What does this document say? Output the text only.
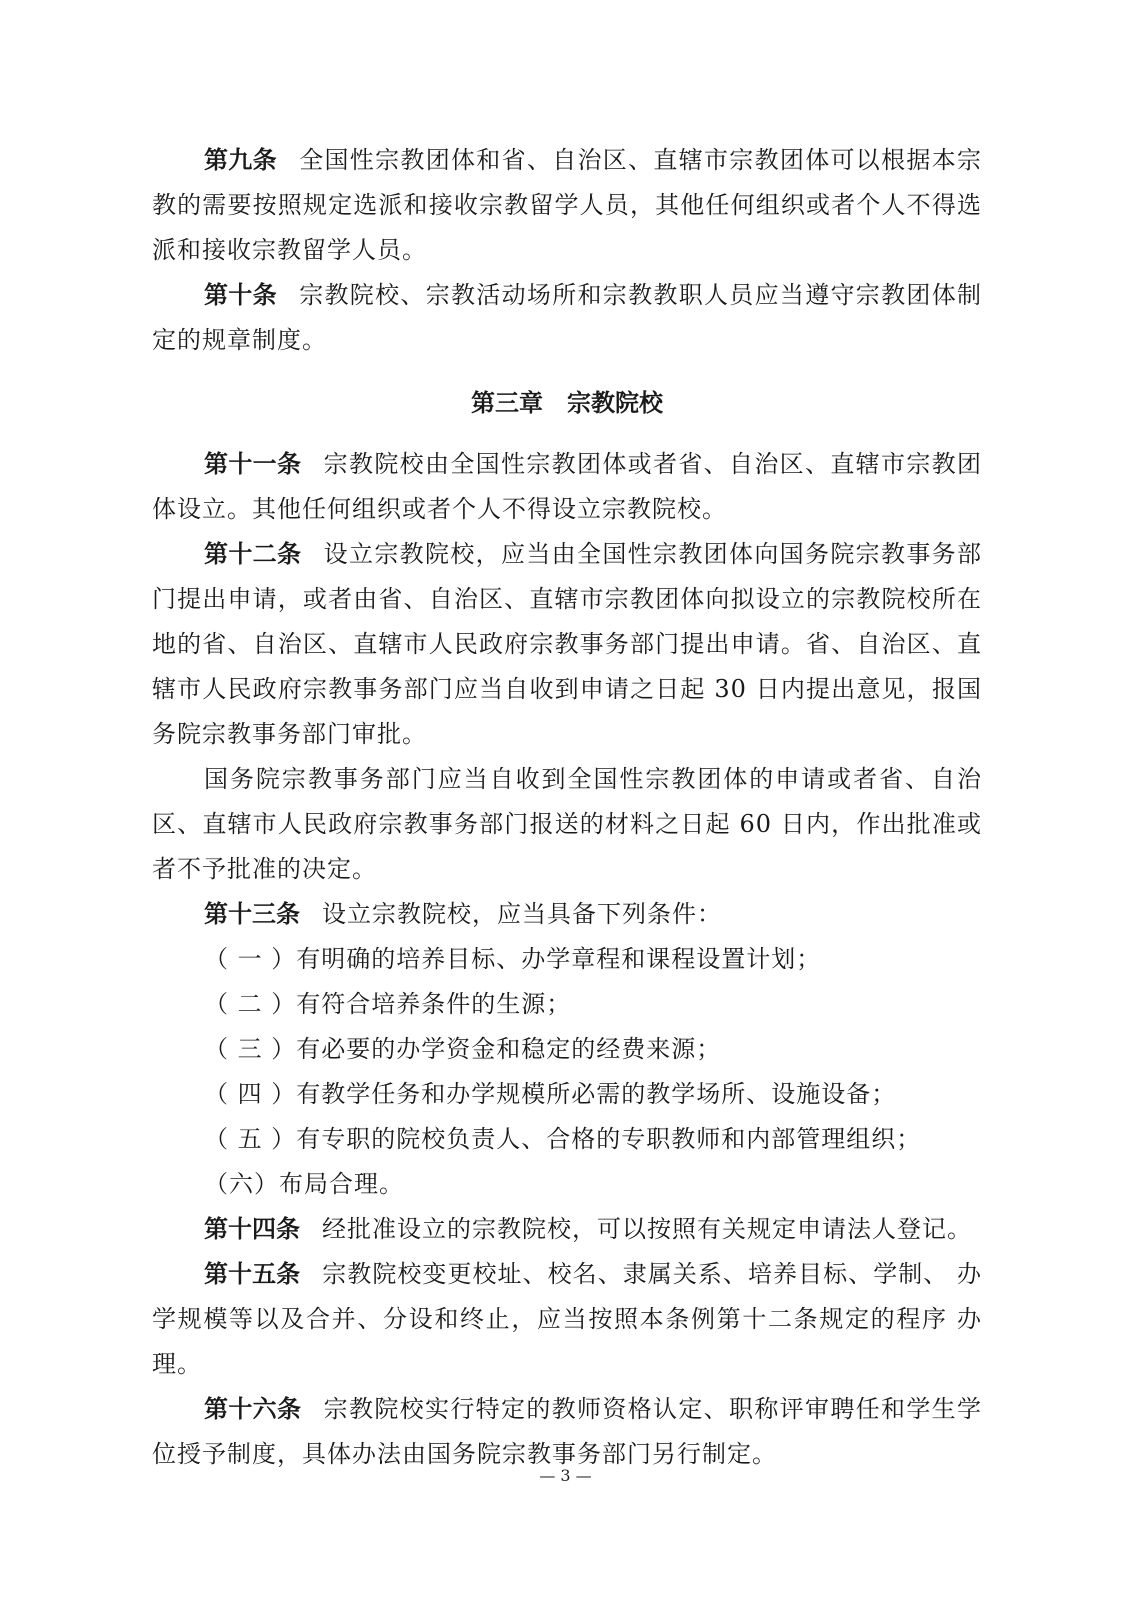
第九条 全国性宗教团体和省、自治区、直辖市宗教团体可以根据本宗教的需要按照规定选派和接收宗教留学人员，其他任何组织或者个人不得选派和接收宗教留学人员。

第十条 宗教院校、宗教活动场所和宗教教职人员应当遵守宗教团体制定的规章制度。

第三章　宗教院校

第十一条 宗教院校由全国性宗教团体或者省、自治区、直辖市宗教团体设立。其他任何组织或者个人不得设立宗教院校。

第十二条 设立宗教院校，应当由全国性宗教团体向国务院宗教事务部门提出申请，或者由省、自治区、直辖市宗教团体向拟设立的宗教院校所在地的省、自治区、直辖市人民政府宗教事务部门提出申请。省、自治区、直辖市人民政府宗教事务部门应当自收到申请之日起 30 日内提出意见，报国务院宗教事务部门审批。

国务院宗教事务部门应当自收到全国性宗教团体的申请或者省、自治区、直辖市人民政府宗教事务部门报送的材料之日起 60 日内，作出批准或者不予批准的决定。

第十三条 设立宗教院校，应当具备下列条件：

（ 一 ）有明确的培养目标、办学章程和课程设置计划；

（ 二 ）有符合培养条件的生源；

（ 三 ）有必要的办学资金和稳定的经费来源；

（ 四 ）有教学任务和办学规模所必需的教学场所、设施设备；

（ 五 ）有专职的院校负责人、合格的专职教师和内部管理组织；

（六）布局合理。

第十四条 经批准设立的宗教院校，可以按照有关规定申请法人登记。

第十五条 宗教院校变更校址、校名、隶属关系、培养目标、学制、 办学规模等以及合并、分设和终止，应当按照本条例第十二条规定的程序 办理。

第十六条 宗教院校实行特定的教师资格认定、职称评审聘任和学生学位授予制度，具体办法由国务院宗教事务部门另行制定。

— 3 —
